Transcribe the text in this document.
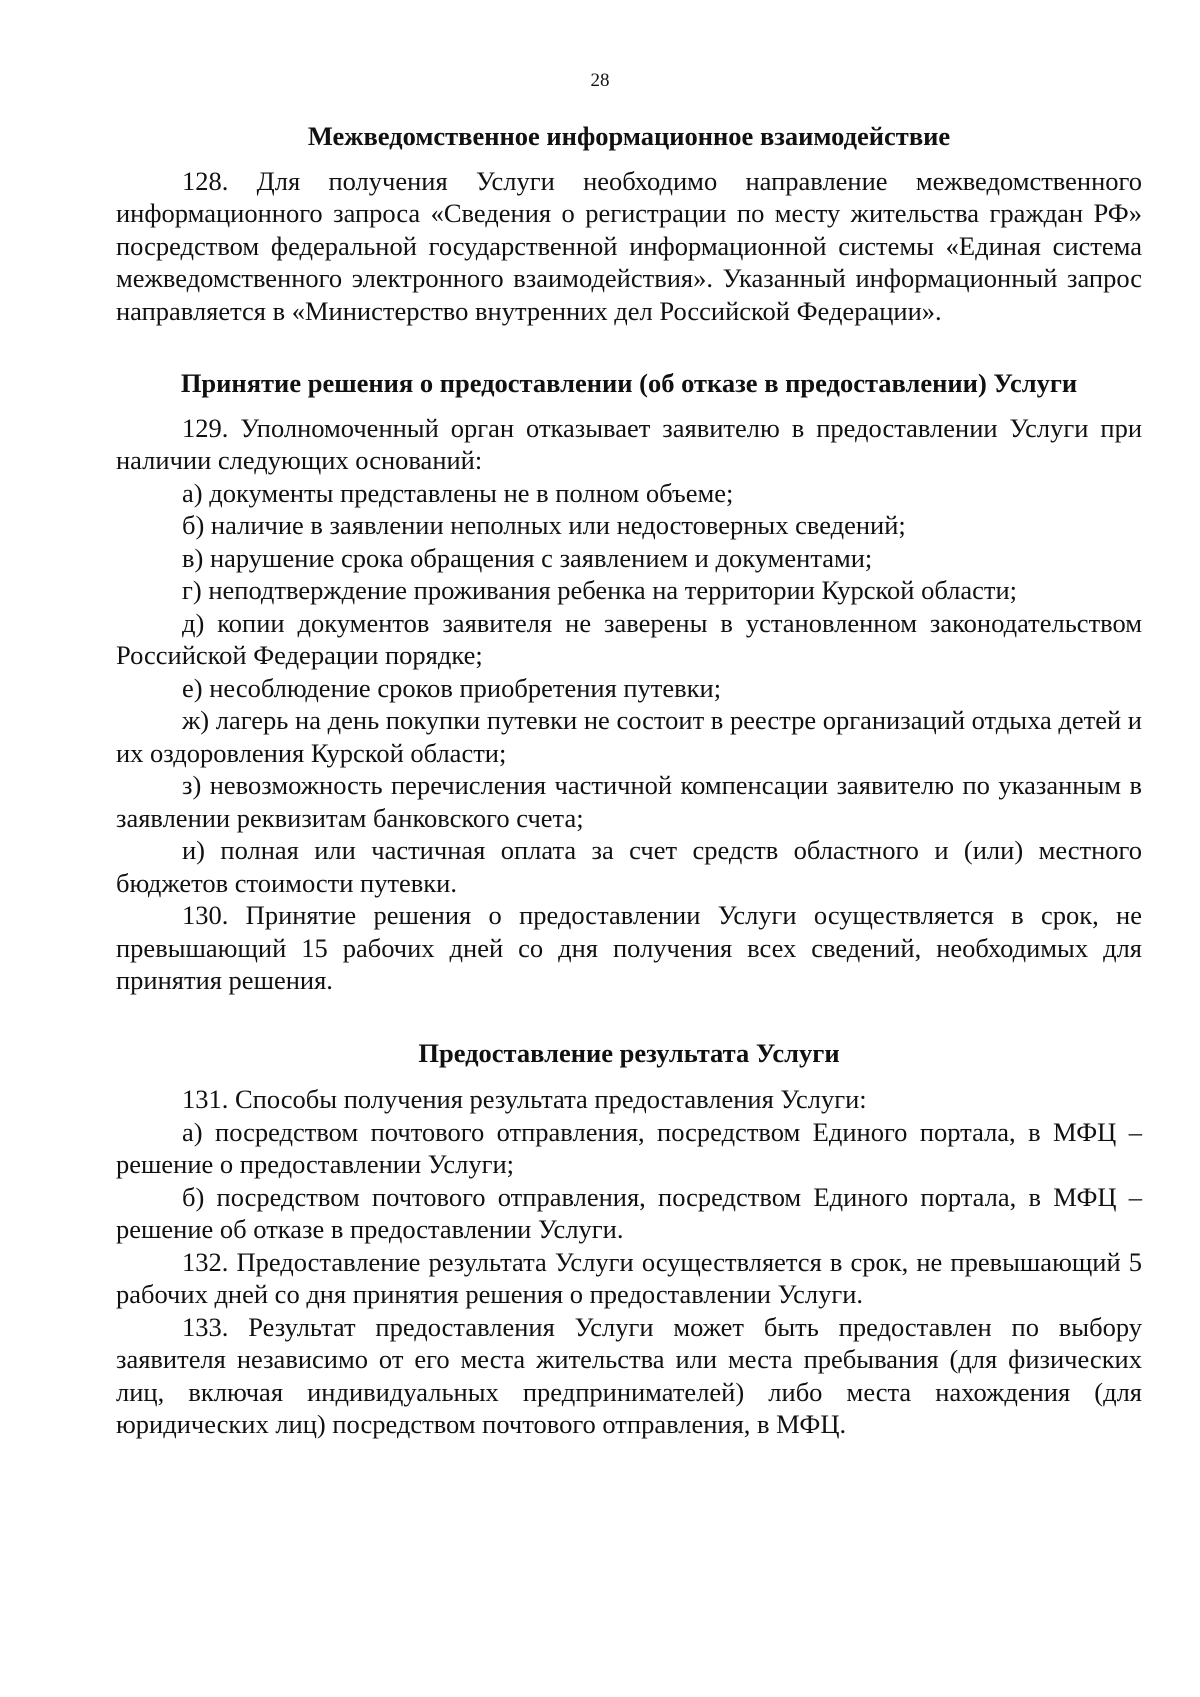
28

Межведомственное информационное взаимодействие

128. Для получения Услуги необходимо направление межведомственного информационного запроса «Сведения о регистрации по месту жительства граждан РФ» посредством федеральной государственной информационной системы «Единая система межведомственного электронного взаимодействия». Указанный информационный запрос направляется в «Министерство внутренних дел Российской Федерации».

Принятие решения о предоставлении (об отказе в предоставлении) Услуги

129. Уполномоченный орган отказывает заявителю в предоставлении Услуги при наличии следующих оснований:

а) документы представлены не в полном объеме;

б) наличие в заявлении неполных или недостоверных сведений;

в) нарушение срока обращения с заявлением и документами;

г) неподтверждение проживания ребенка на территории Курской области;

д) копии документов заявителя не заверены в установленном законодательством Российской Федерации порядке;

е) несоблюдение сроков приобретения путевки;

ж) лагерь на день покупки путевки не состоит в реестре организаций отдыха детей и их оздоровления Курской области;

з) невозможность перечисления частичной компенсации заявителю по указанным в заявлении реквизитам банковского счета;

и) полная или частичная оплата за счет средств областного и (или) местного бюджетов стоимости путевки.

130. Принятие решения о предоставлении Услуги осуществляется в срок, не превышающий 15 рабочих дней со дня получения всех сведений, необходимых для принятия решения.

Предоставление результата Услуги

131. Способы получения результата предоставления Услуги:

а) посредством почтового отправления, посредством Единого портала, в МФЦ – решение о предоставлении Услуги;

б) посредством почтового отправления, посредством Единого портала, в МФЦ – решение об отказе в предоставлении Услуги.

132. Предоставление результата Услуги осуществляется в срок, не превышающий 5 рабочих дней со дня принятия решения о предоставлении Услуги.

133. Результат предоставления Услуги может быть предоставлен по выбору заявителя независимо от его места жительства или места пребывания (для физических лиц, включая индивидуальных предпринимателей) либо места нахождения (для юридических лиц) посредством почтового отправления, в МФЦ.
